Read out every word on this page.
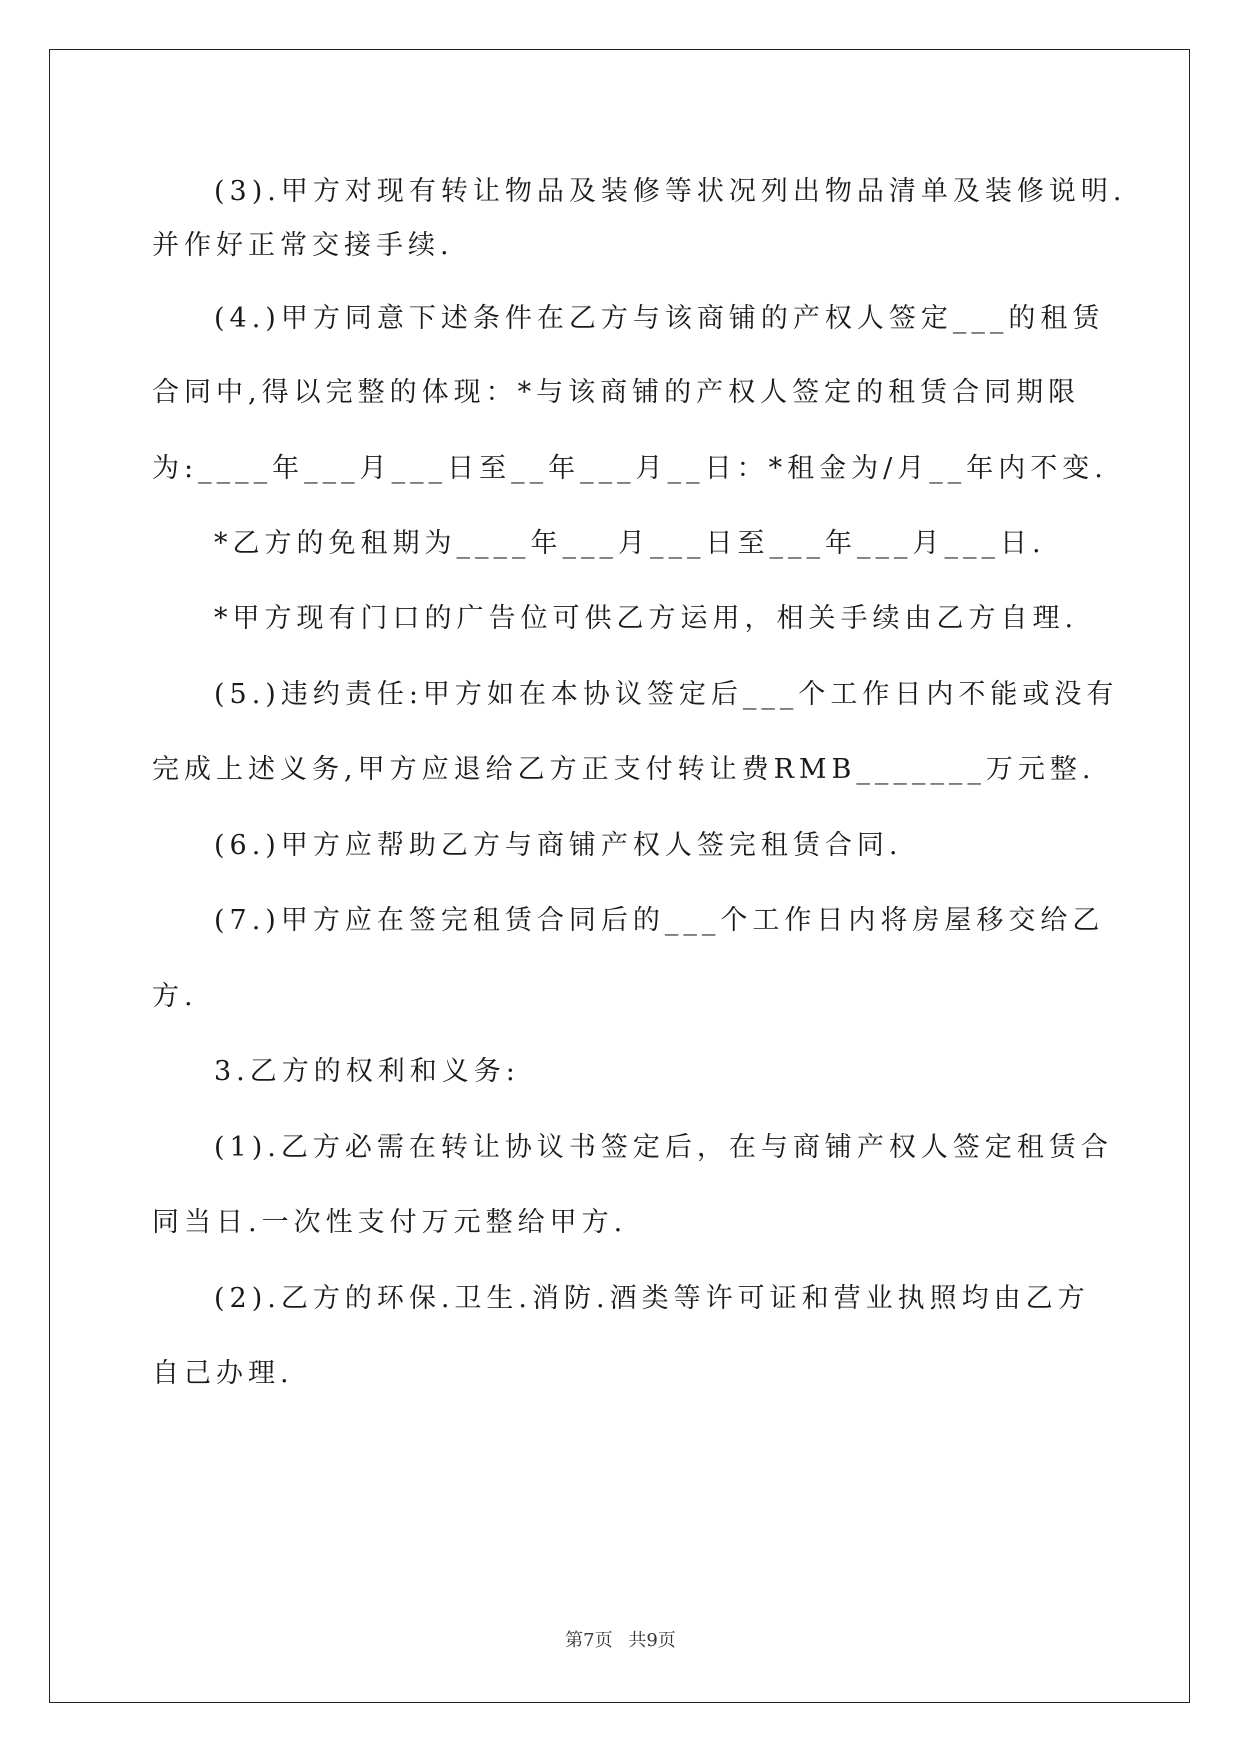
(3).甲方对现有转让物品及装修等状况列出物品清单及装修说明.
并作好正常交接手续.
(4.)甲方同意下述条件在乙方与该商铺的产权人签定___的租赁
合同中,得以完整的体现：*与该商铺的产权人签定的租赁合同期限
为:____年___月___日至__年___月__日：*租金为/月__年内不变.
*乙方的免租期为____年___月___日至___年___月___日.
*甲方现有门口的广告位可供乙方运用，相关手续由乙方自理.
(5.)违约责任:甲方如在本协议签定后___个工作日内不能或没有
完成上述义务,甲方应退给乙方正支付转让费RMB_______万元整.
(6.)甲方应帮助乙方与商铺产权人签完租赁合同.
(7.)甲方应在签完租赁合同后的___个工作日内将房屋移交给乙
方.
3.乙方的权利和义务:
(1).乙方必需在转让协议书签定后，在与商铺产权人签定租赁合
同当日.一次性支付万元整给甲方.
(2).乙方的环保.卫生.消防.酒类等许可证和营业执照均由乙方
自己办理.
第7页 共9页
